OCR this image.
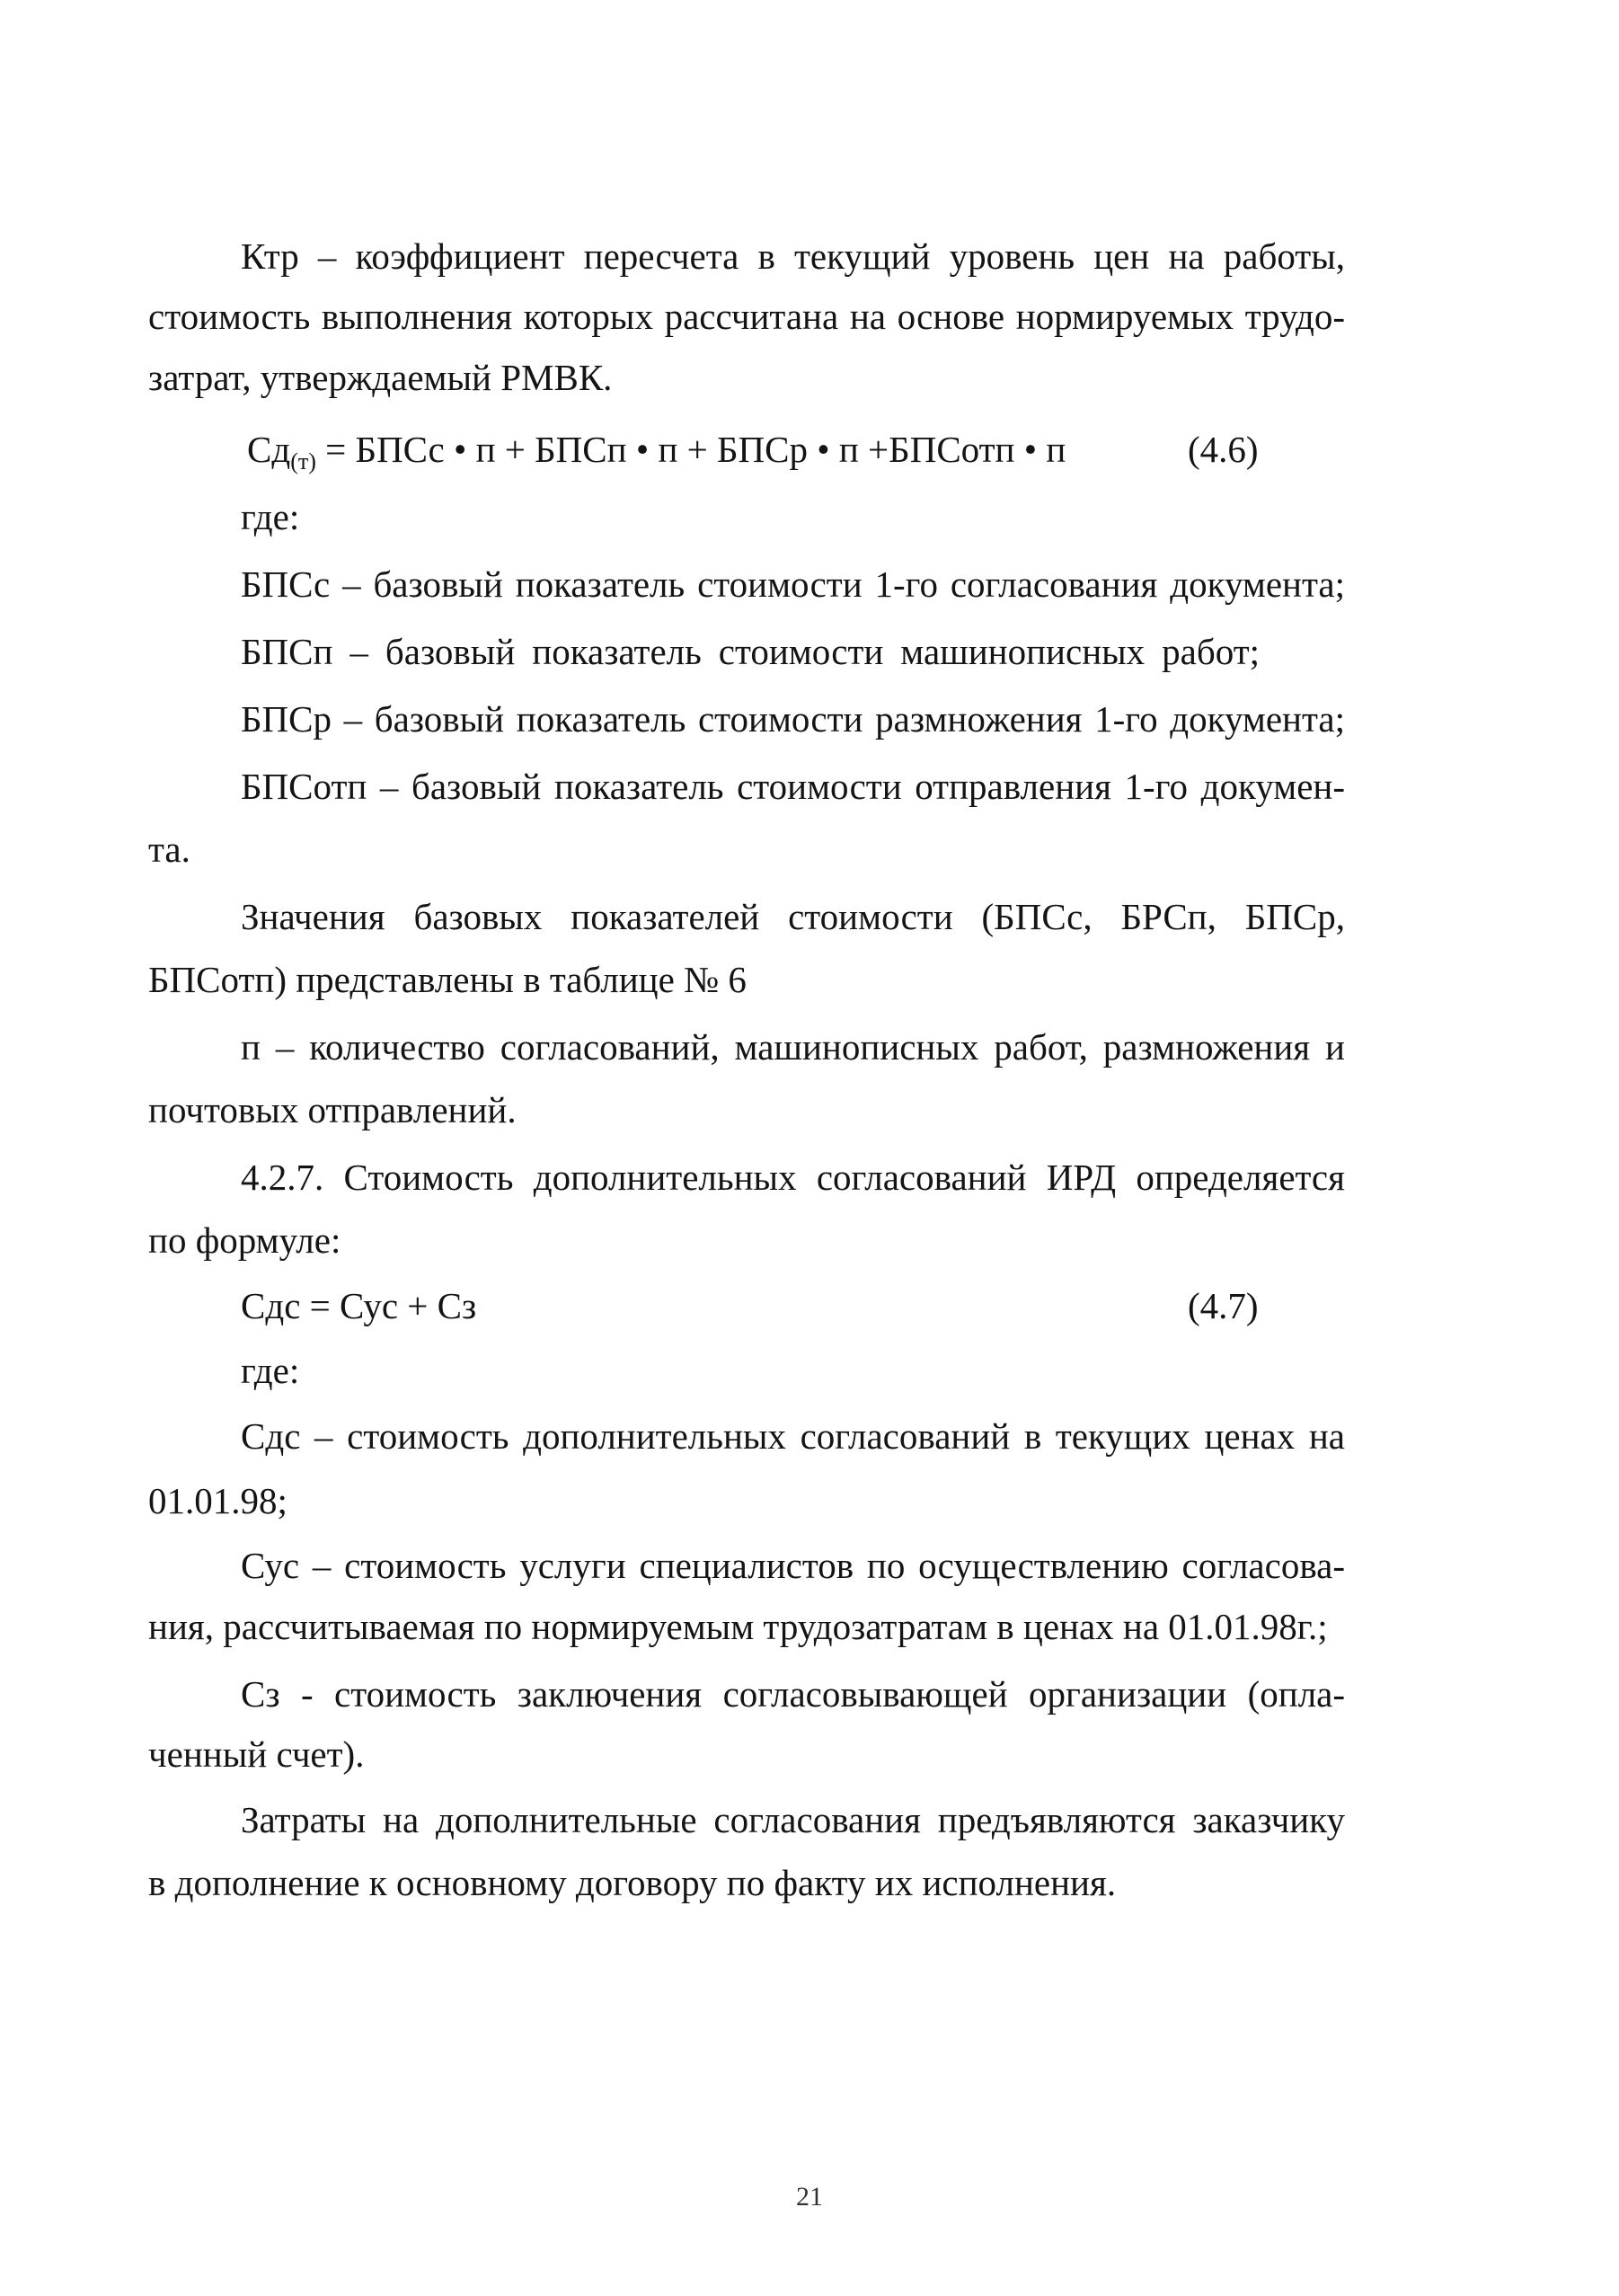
Ктр – коэффициент пересчета в текущий уровень цен на работы,
стоимость выполнения которых рассчитана на основе нормируемых трудо-
затрат, утверждаемый РМВК.
$Сд_{(т)}$ = БПСс • п + БПСп • п + БПСр • п +БПСотп • п	(4.6)
где:
БПСс – базовый показатель стоимости 1-го согласования документа;
БПСп – базовый показатель стоимости машинописных работ;
БПСр – базовый показатель стоимости размножения 1-го документа;
БПСотп – базовый показатель стоимости отправления 1-го докумен-
та.
Значения базовых показателей стоимости (БПСс, БРСп, БПСр,
БПСотп) представлены в таблице № 6
п – количество согласований, машинописных работ, размножения и
почтовых отправлений.
4.2.7. Стоимость дополнительных согласований ИРД определяется
по формуле:
Сдс = Сус + Сз	(4.7)
где:
Сдс – стоимость дополнительных согласований в текущих ценах на
01.01.98;
Сус – стоимость услуги специалистов по осуществлению согласова-
ния, рассчитываемая по нормируемым трудозатратам в ценах на 01.01.98г.;
Сз - стоимость заключения согласовывающей организации (опла-
ченный счет).
Затраты на дополнительные согласования предъявляются заказчику
в дополнение к основному договору по факту их исполнения.
21
